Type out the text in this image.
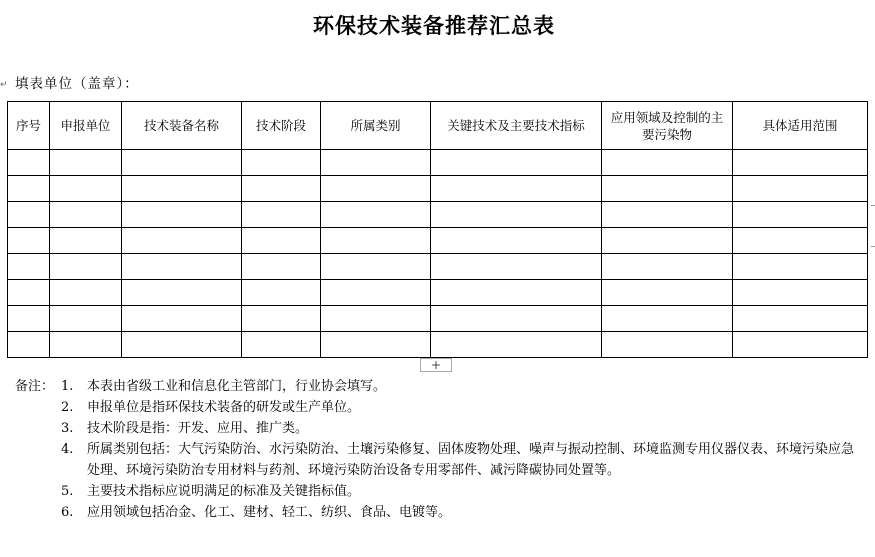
环保技术装备推荐汇总表
↵ 填表单位（盖章）：
序号	申报单位	技术装备名称	技术阶段	所属类别	关键技术及主要技术指标	应用领域及控制的主要污染物	具体适用范围

+
备注： 1. 本表由省级工业和信息化主管部门，行业协会填写。
2. 申报单位是指环保技术装备的研发或生产单位。
3. 技术阶段是指：开发、应用、推广类。
4. 所属类别包括：大气污染防治、水污染防治、土壤污染修复、固体废物处理、噪声与振动控制、环境监测专用仪器仪表、环境污染应急处理、环境污染防治专用材料与药剂、环境污染防治设备专用零部件、减污降碳协同处置等。
5. 主要技术指标应说明满足的标准及关键指标值。
6. 应用领域包括冶金、化工、建材、轻工、纺织、食品、电镀等。
